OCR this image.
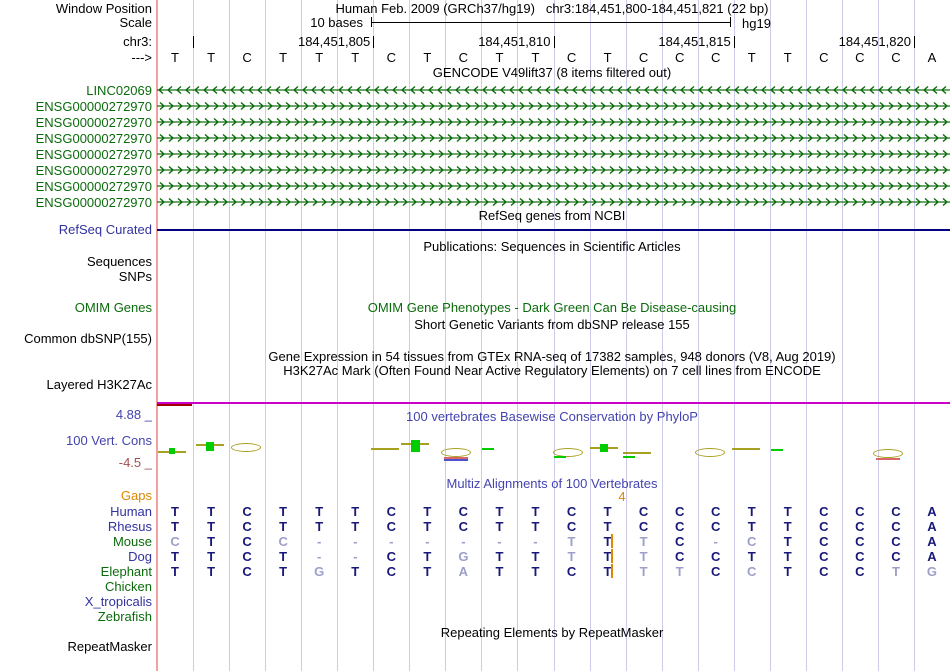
Window Position	Human Feb. 2009 (GRCh37/hg19)   chr3:184,451,800-184,451,821 (22 bp)
Scale	10 bases	hg19
chr3:	184,451,805	184,451,810	184,451,815	184,451,820
---> T T C T T T C T C T T C T C C C T T C C C A
GENCODE V49lift37 (8 items filtered out)
LINC02069
ENSG00000272970
ENSG00000272970
ENSG00000272970
ENSG00000272970
ENSG00000272970
ENSG00000272970
ENSG00000272970
RefSeq genes from NCBI
RefSeq Curated
Publications: Sequences in Scientific Articles
Sequences
SNPs
OMIM Gene Phenotypes - Dark Green Can Be Disease-causing
OMIM Genes
Short Genetic Variants from dbSNP release 155
Common dbSNP(155)
Gene Expression in 54 tissues from GTEx RNA-seq of 17382 samples, 948 donors (V8, Aug 2019)
H3K27Ac Mark (Often Found Near Active Regulatory Elements) on 7 cell lines from ENCODE
Layered H3K27Ac
4.88 _	100 vertebrates Basewise Conservation by PhyloP
100 Vert. Cons
-4.5 _
Multiz Alignments of 100 Vertebrates
Gaps	4
Human T T C T T T C T C T T C T C C C T T C C C A
Rhesus T T C T T T C T C T T C T C C C T T C C C A
Mouse C T C C - - - - - - - T T T C - C T C C C A
Dog T T C T - - C T G T T T T T C C T T C C C A
Elephant T T C T G T C T A T T C T T T C C T C C T G
Chicken
X_tropicalis
Zebrafish
Repeating Elements by RepeatMasker
RepeatMasker
